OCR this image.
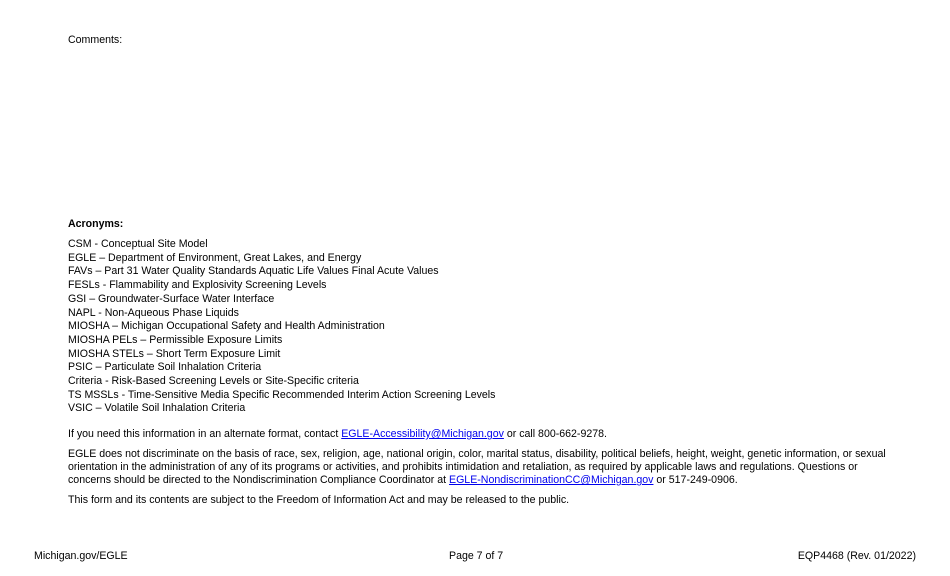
Comments:
Acronyms:
CSM - Conceptual Site Model
EGLE – Department of Environment, Great Lakes, and Energy
FAVs – Part 31 Water Quality Standards Aquatic Life Values Final Acute Values
FESLs - Flammability and Explosivity Screening Levels
GSI – Groundwater-Surface Water Interface
NAPL - Non-Aqueous Phase Liquids
MIOSHA – Michigan Occupational Safety and Health Administration
MIOSHA PELs – Permissible Exposure Limits
MIOSHA STELs – Short Term Exposure Limit
PSIC – Particulate Soil Inhalation Criteria
Criteria - Risk-Based Screening Levels or Site-Specific criteria
TS MSSLs - Time-Sensitive Media Specific Recommended Interim Action Screening Levels
VSIC – Volatile Soil Inhalation Criteria

If you need this information in an alternate format, contact EGLE-Accessibility@Michigan.gov or call 800-662-9278.

EGLE does not discriminate on the basis of race, sex, religion, age, national origin, color, marital status, disability, political beliefs, height, weight, genetic information, or sexual orientation in the administration of any of its programs or activities, and prohibits intimidation and retaliation, as required by applicable laws and regulations. Questions or concerns should be directed to the Nondiscrimination Compliance Coordinator at EGLE-NondiscriminationCC@Michigan.gov or 517-249-0906.

This form and its contents are subject to the Freedom of Information Act and may be released to the public.

Michigan.gov/EGLE	Page 7 of 7	EQP4468 (Rev. 01/2022)
